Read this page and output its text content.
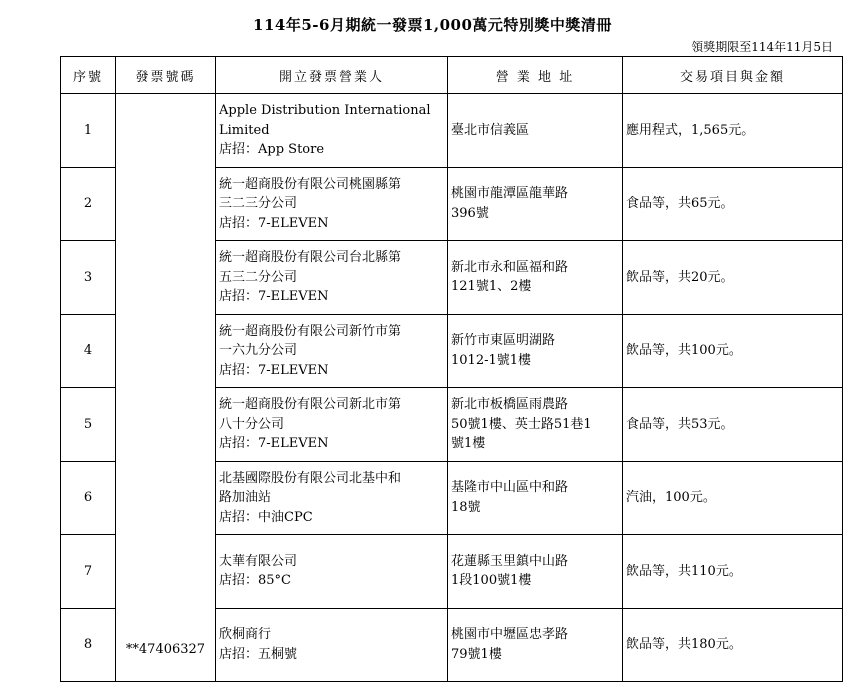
114年5-6月期統一發票1,000萬元特別獎中獎清冊
領獎期限至114年11月5日
序號	發票號碼	開立發票營業人	營 業 地 址	交易項目與金額
1	**47406327	Apple Distribution International
Limited
店招：App Store	臺北市信義區	應用程式，1,565元。
2		統一超商股份有限公司桃園縣第
三二三分公司
店招：7-ELEVEN	桃園市龍潭區龍華路
396號	食品等，共65元。
3		統一超商股份有限公司台北縣第
五三二分公司
店招：7-ELEVEN	新北市永和區福和路
121號1、2樓	飲品等，共20元。
4		統一超商股份有限公司新竹市第
一六九分公司
店招：7-ELEVEN	新竹市東區明湖路
1012-1號1樓	飲品等，共100元。
5		統一超商股份有限公司新北市第
八十分公司
店招：7-ELEVEN	新北市板橋區雨農路
50號1樓、英士路51巷1
號1樓	食品等，共53元。
6		北基國際股份有限公司北基中和
路加油站
店招：中油CPC	基隆市中山區中和路
18號	汽油，100元。
7		太華有限公司
店招：85°C	花蓮縣玉里鎮中山路
1段100號1樓	飲品等，共110元。
8		欣桐商行
店招：五桐號	桃園市中壢區忠孝路
79號1樓	飲品等，共180元。
